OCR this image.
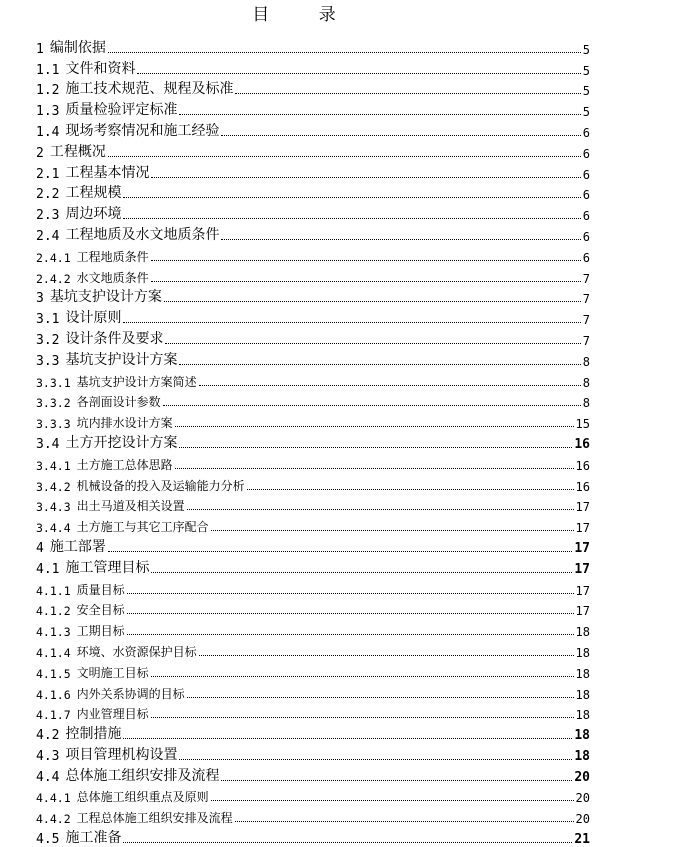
目 录
1 编制依据	5
1.1 文件和资料	5
1.2 施工技术规范、规程及标准	5
1.3 质量检验评定标准	5
1.4 现场考察情况和施工经验	6
2 工程概况	6
2.1 工程基本情况	6
2.2 工程规模	6
2.3 周边环境	6
2.4 工程地质及水文地质条件	6
2.4.1 工程地质条件	6
2.4.2 水文地质条件	7
3 基坑支护设计方案	7
3.1 设计原则	7
3.2 设计条件及要求	7
3.3 基坑支护设计方案	8
3.3.1 基坑支护设计方案简述	8
3.3.2 各剖面设计参数	8
3.3.3 坑内排水设计方案	15
3.4 土方开挖设计方案	16
3.4.1 土方施工总体思路	16
3.4.2 机械设备的投入及运输能力分析	16
3.4.3 出土马道及相关设置	17
3.4.4 土方施工与其它工序配合	17
4 施工部署	17
4.1 施工管理目标	17
4.1.1 质量目标	17
4.1.2 安全目标	17
4.1.3 工期目标	18
4.1.4 环境、水资源保护目标	18
4.1.5 文明施工目标	18
4.1.6 内外关系协调的目标	18
4.1.7 内业管理目标	18
4.2 控制措施	18
4.3 项目管理机构设置	18
4.4 总体施工组织安排及流程	20
4.4.1 总体施工组织重点及原则	20
4.4.2 工程总体施工组织安排及流程	20
4.5 施工准备	21
